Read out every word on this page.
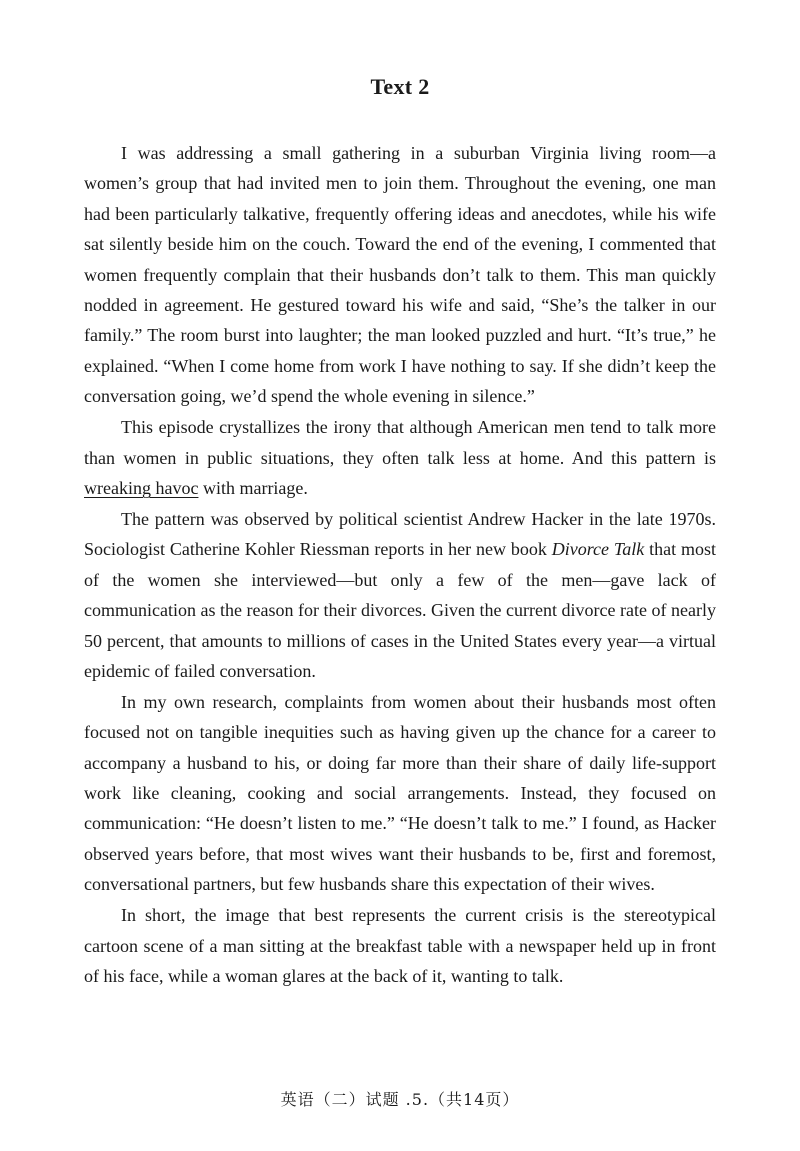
Text 2

I was addressing a small gathering in a suburban Virginia living room—a women’s group that had invited men to join them. Throughout the evening, one man had been particularly talkative, frequently offering ideas and anecdotes, while his wife sat silently beside him on the couch. Toward the end of the evening, I commented that women frequently complain that their husbands don’t talk to them. This man quickly nodded in agreement. He gestured toward his wife and said, “She’s the talker in our family.” The room burst into laughter; the man looked puzzled and hurt. “It’s true,” he explained. “When I come home from work I have nothing to say. If she didn’t keep the conversation going, we’d spend the whole evening in silence.”

This episode crystallizes the irony that although American men tend to talk more than women in public situations, they often talk less at home. And this pattern is wreaking havoc with marriage.

The pattern was observed by political scientist Andrew Hacker in the late 1970s. Sociologist Catherine Kohler Riessman reports in her new book Divorce Talk that most of the women she interviewed—but only a few of the men—gave lack of communication as the reason for their divorces. Given the current divorce rate of nearly 50 percent, that amounts to millions of cases in the United States every year—a virtual epidemic of failed conversation.

In my own research, complaints from women about their husbands most often focused not on tangible inequities such as having given up the chance for a career to accompany a husband to his, or doing far more than their share of daily life-support work like cleaning, cooking and social arrangements. Instead, they focused on communication: “He doesn’t listen to me.” “He doesn’t talk to me.” I found, as Hacker observed years before, that most wives want their husbands to be, first and foremost, conversational partners, but few husbands share this expectation of their wives.

In short, the image that best represents the current crisis is the stereotypical cartoon scene of a man sitting at the breakfast table with a newspaper held up in front of his face, while a woman glares at the back of it, wanting to talk.

英语（二）试题 .5.（共14页）
